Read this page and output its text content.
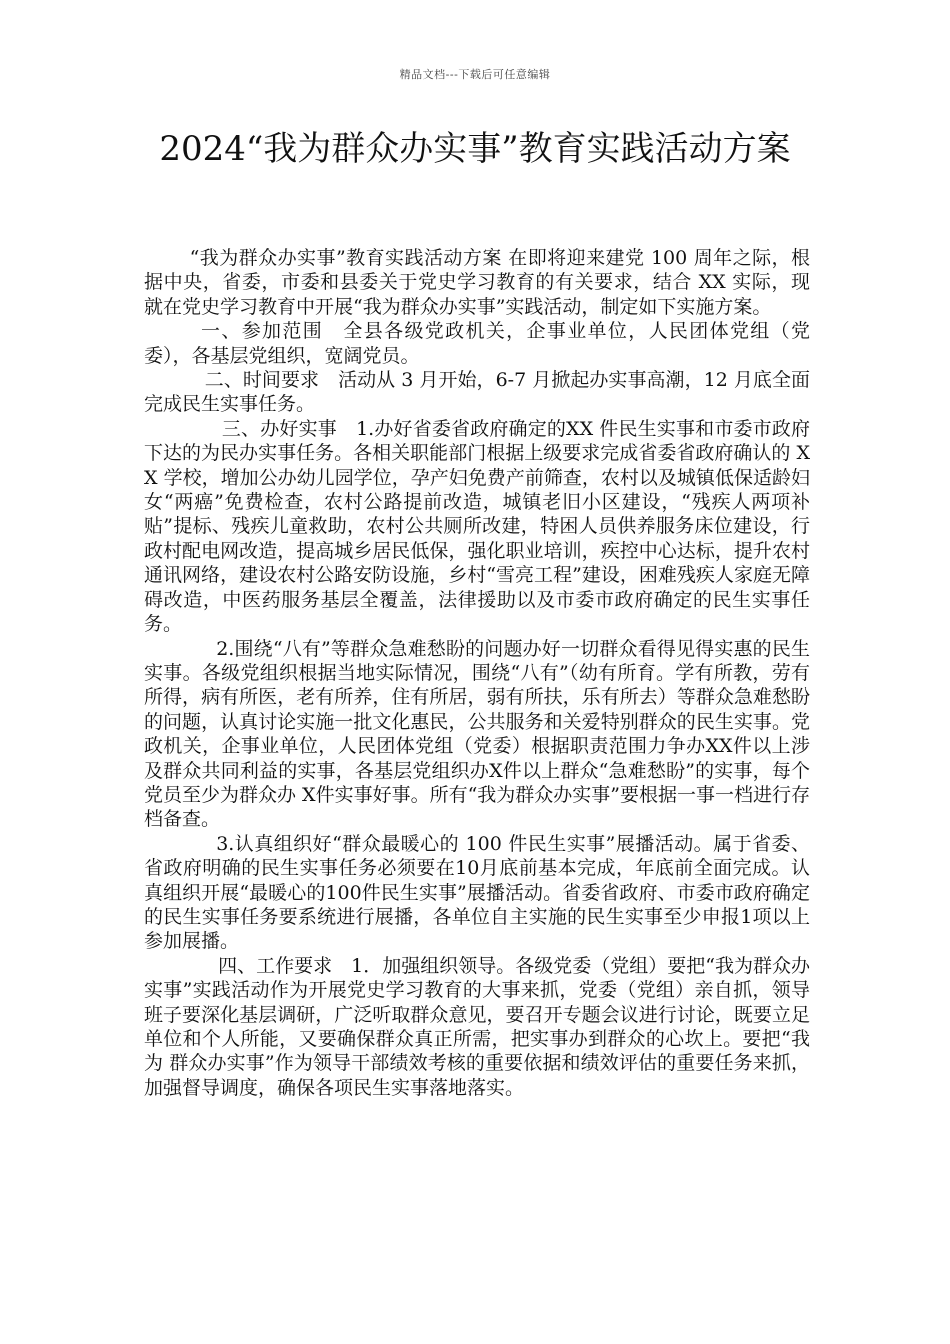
精品文档---下载后可任意编辑
2024“我为群众办实事”教育实践活动方案

“我为群众办实事”教育实践活动方案 在即将迎来建党 100 周年之际，根据中央，省委，市委和县委关于党史学习教育的有关要求，结合 XX 实际，现就在党史学习教育中开展“我为群众办实事”实践活动，制定如下实施方案。

一、参加范围　全县各级党政机关，企事业单位，人民团体党组（党委），各基层党组织，宽阔党员。

二、时间要求　活动从 3 月开始，6-7 月掀起办实事高潮，12 月底全面完成民生实事任务。

三、办好实事　1.办好省委省政府确定的XX 件民生实事和市委市政府下达的为民办实事任务。各相关职能部门根据上级要求完成省委省政府确认的 XX 学校，增加公办幼儿园学位，孕产妇免费产前筛查，农村以及城镇低保适龄妇女“两癌”免费检查，农村公路提前改造，城镇老旧小区建设，“残疾人两项补贴”提标、残疾儿童救助，农村公共厕所改建，特困人员供养服务床位建设，行政村配电网改造，提高城乡居民低保，强化职业培训，疾控中心达标，提升农村通讯网络，建设农村公路安防设施，乡村“雪亮工程”建设，困难残疾人家庭无障碍改造，中医药服务基层全覆盖，法律援助以及市委市政府确定的民生实事任务。

2.围绕“八有”等群众急难愁盼的问题办好一切群众看得见得实惠的民生实事。各级党组织根据当地实际情况，围绕“八有”（幼有所育。学有所教，劳有所得，病有所医，老有所养，住有所居，弱有所扶，乐有所去）等群众急难愁盼的问题，认真讨论实施一批文化惠民，公共服务和关爱特别群众的民生实事。党政机关，企事业单位，人民团体党组（党委）根据职责范围力争办XX件以上涉及群众共同利益的实事，各基层党组织办X件以上群众“急难愁盼”的实事，每个党员至少为群众办 X件实事好事。所有“我为群众办实事”要根据一事一档进行存档备查。

3.认真组织好“群众最暖心的 100 件民生实事”展播活动。属于省委、省政府明确的民生实事任务必须要在10月底前基本完成，年底前全面完成。认真组织开展“最暖心的100件民生实事”展播活动。省委省政府、市委市政府确定的民生实事任务要系统进行展播，各单位自主实施的民生实事至少申报1项以上参加展播。

四、工作要求　1．加强组织领导。各级党委（党组）要把“我为群众办实事”实践活动作为开展党史学习教育的大事来抓，党委（党组）亲自抓，领导班子要深化基层调研，广泛听取群众意见，要召开专题会议进行讨论，既要立足单位和个人所能，又要确保群众真正所需，把实事办到群众的心坎上。要把“我为 群众办实事”作为领导干部绩效考核的重要依据和绩效评估的重要任务来抓，加强督导调度，确保各项民生实事落地落实。
